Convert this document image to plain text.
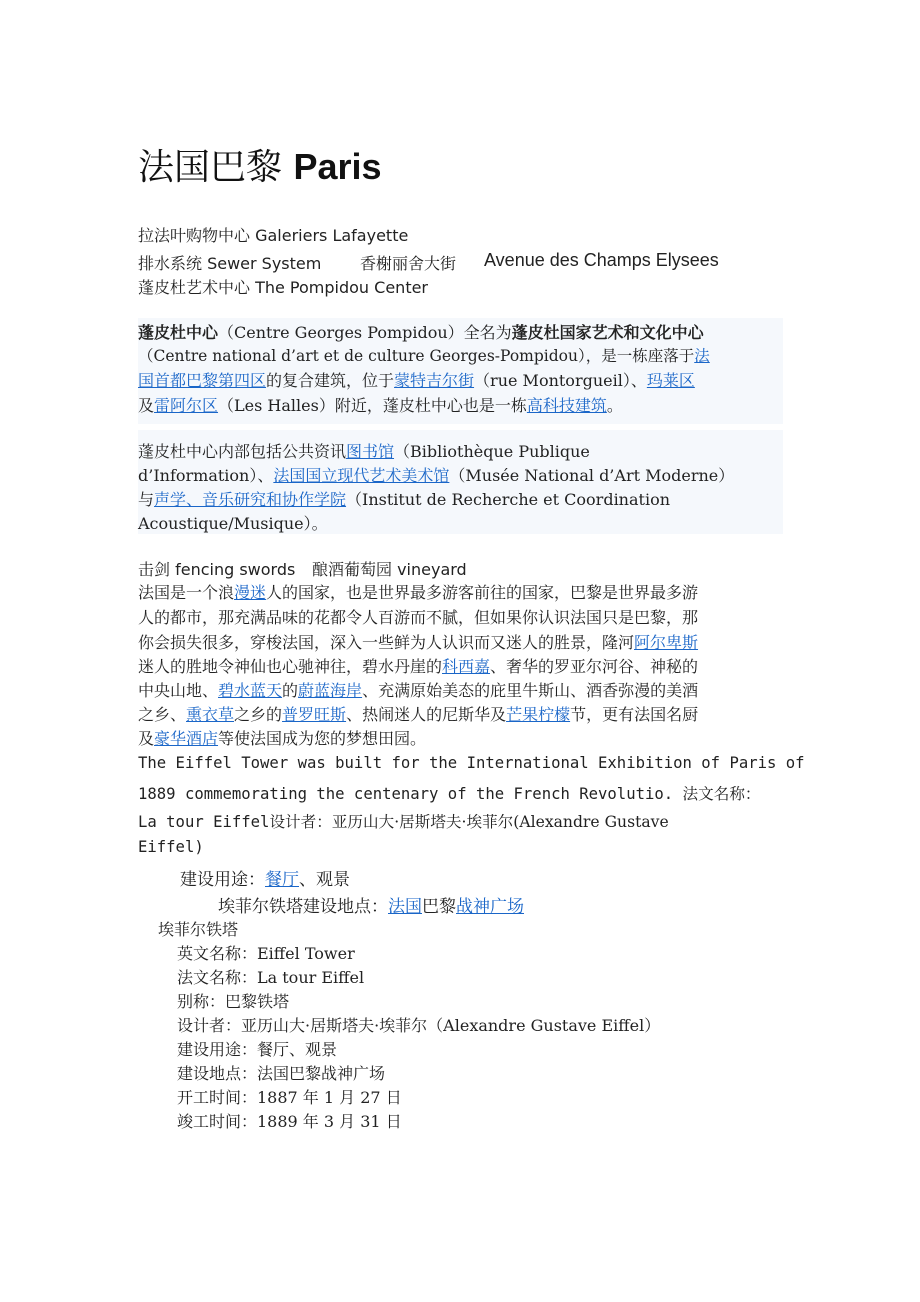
法国巴黎 Paris
拉法叶购物中心 Galeriers Lafayette
排水系统 Sewer System 香榭丽舍大街 Avenue des Champs Elysees
蓬皮杜艺术中心 The Pompidou Center
蓬皮杜中心（Centre Georges Pompidou）全名为蓬皮杜国家艺术和文化中心
（Centre national d’art et de culture Georges-Pompidou），是一栋座落于法
国首都巴黎第四区的复合建筑，位于蒙特吉尔街（rue Montorgueil）、玛莱区
及雷阿尔区（Les Halles）附近，蓬皮杜中心也是一栋高科技建筑。
蓬皮杜中心内部包括公共资讯图书馆（Bibliothèque Publique
d’Information）、法国国立现代艺术美术馆（Musée National d’Art Moderne）
与声学、音乐研究和协作学院（Institut de Recherche et Coordination
Acoustique/Musique）。
击剑 fencing swords 酿酒葡萄园 vineyard
法国是一个浪漫迷人的国家，也是世界最多游客前往的国家，巴黎是世界最多游
人的都市，那充满品味的花都令人百游而不腻，但如果你认识法国只是巴黎，那
你会损失很多，穿梭法国，深入一些鲜为人认识而又迷人的胜景，隆河阿尔卑斯
迷人的胜地令神仙也心驰神往，碧水丹崖的科西嘉、奢华的罗亚尔河谷、神秘的
中央山地、碧水蓝天的蔚蓝海岸、充满原始美态的庇里牛斯山、酒香弥漫的美酒
之乡、熏衣草之乡的普罗旺斯、热闹迷人的尼斯华及芒果柠檬节，更有法国名厨
及豪华酒店等使法国成为您的梦想田园。
The Eiffel Tower was built for the International Exhibition of Paris of
1889 commemorating the centenary of the French Revolutio. 法文名称：
La tour Eiffel设计者：亚历山大·居斯塔夫·埃菲尔(Alexandre Gustave
Eiffel)
建设用途：餐厅、观景
埃菲尔铁塔建设地点：法国巴黎战神广场
埃菲尔铁塔
英文名称：Eiffel Tower
法文名称：La tour Eiffel
别称：巴黎铁塔
设计者：亚历山大·居斯塔夫·埃菲尔（Alexandre Gustave Eiffel）
建设用途：餐厅、观景
建设地点：法国巴黎战神广场
开工时间：1887 年 1 月 27 日
竣工时间：1889 年 3 月 31 日
